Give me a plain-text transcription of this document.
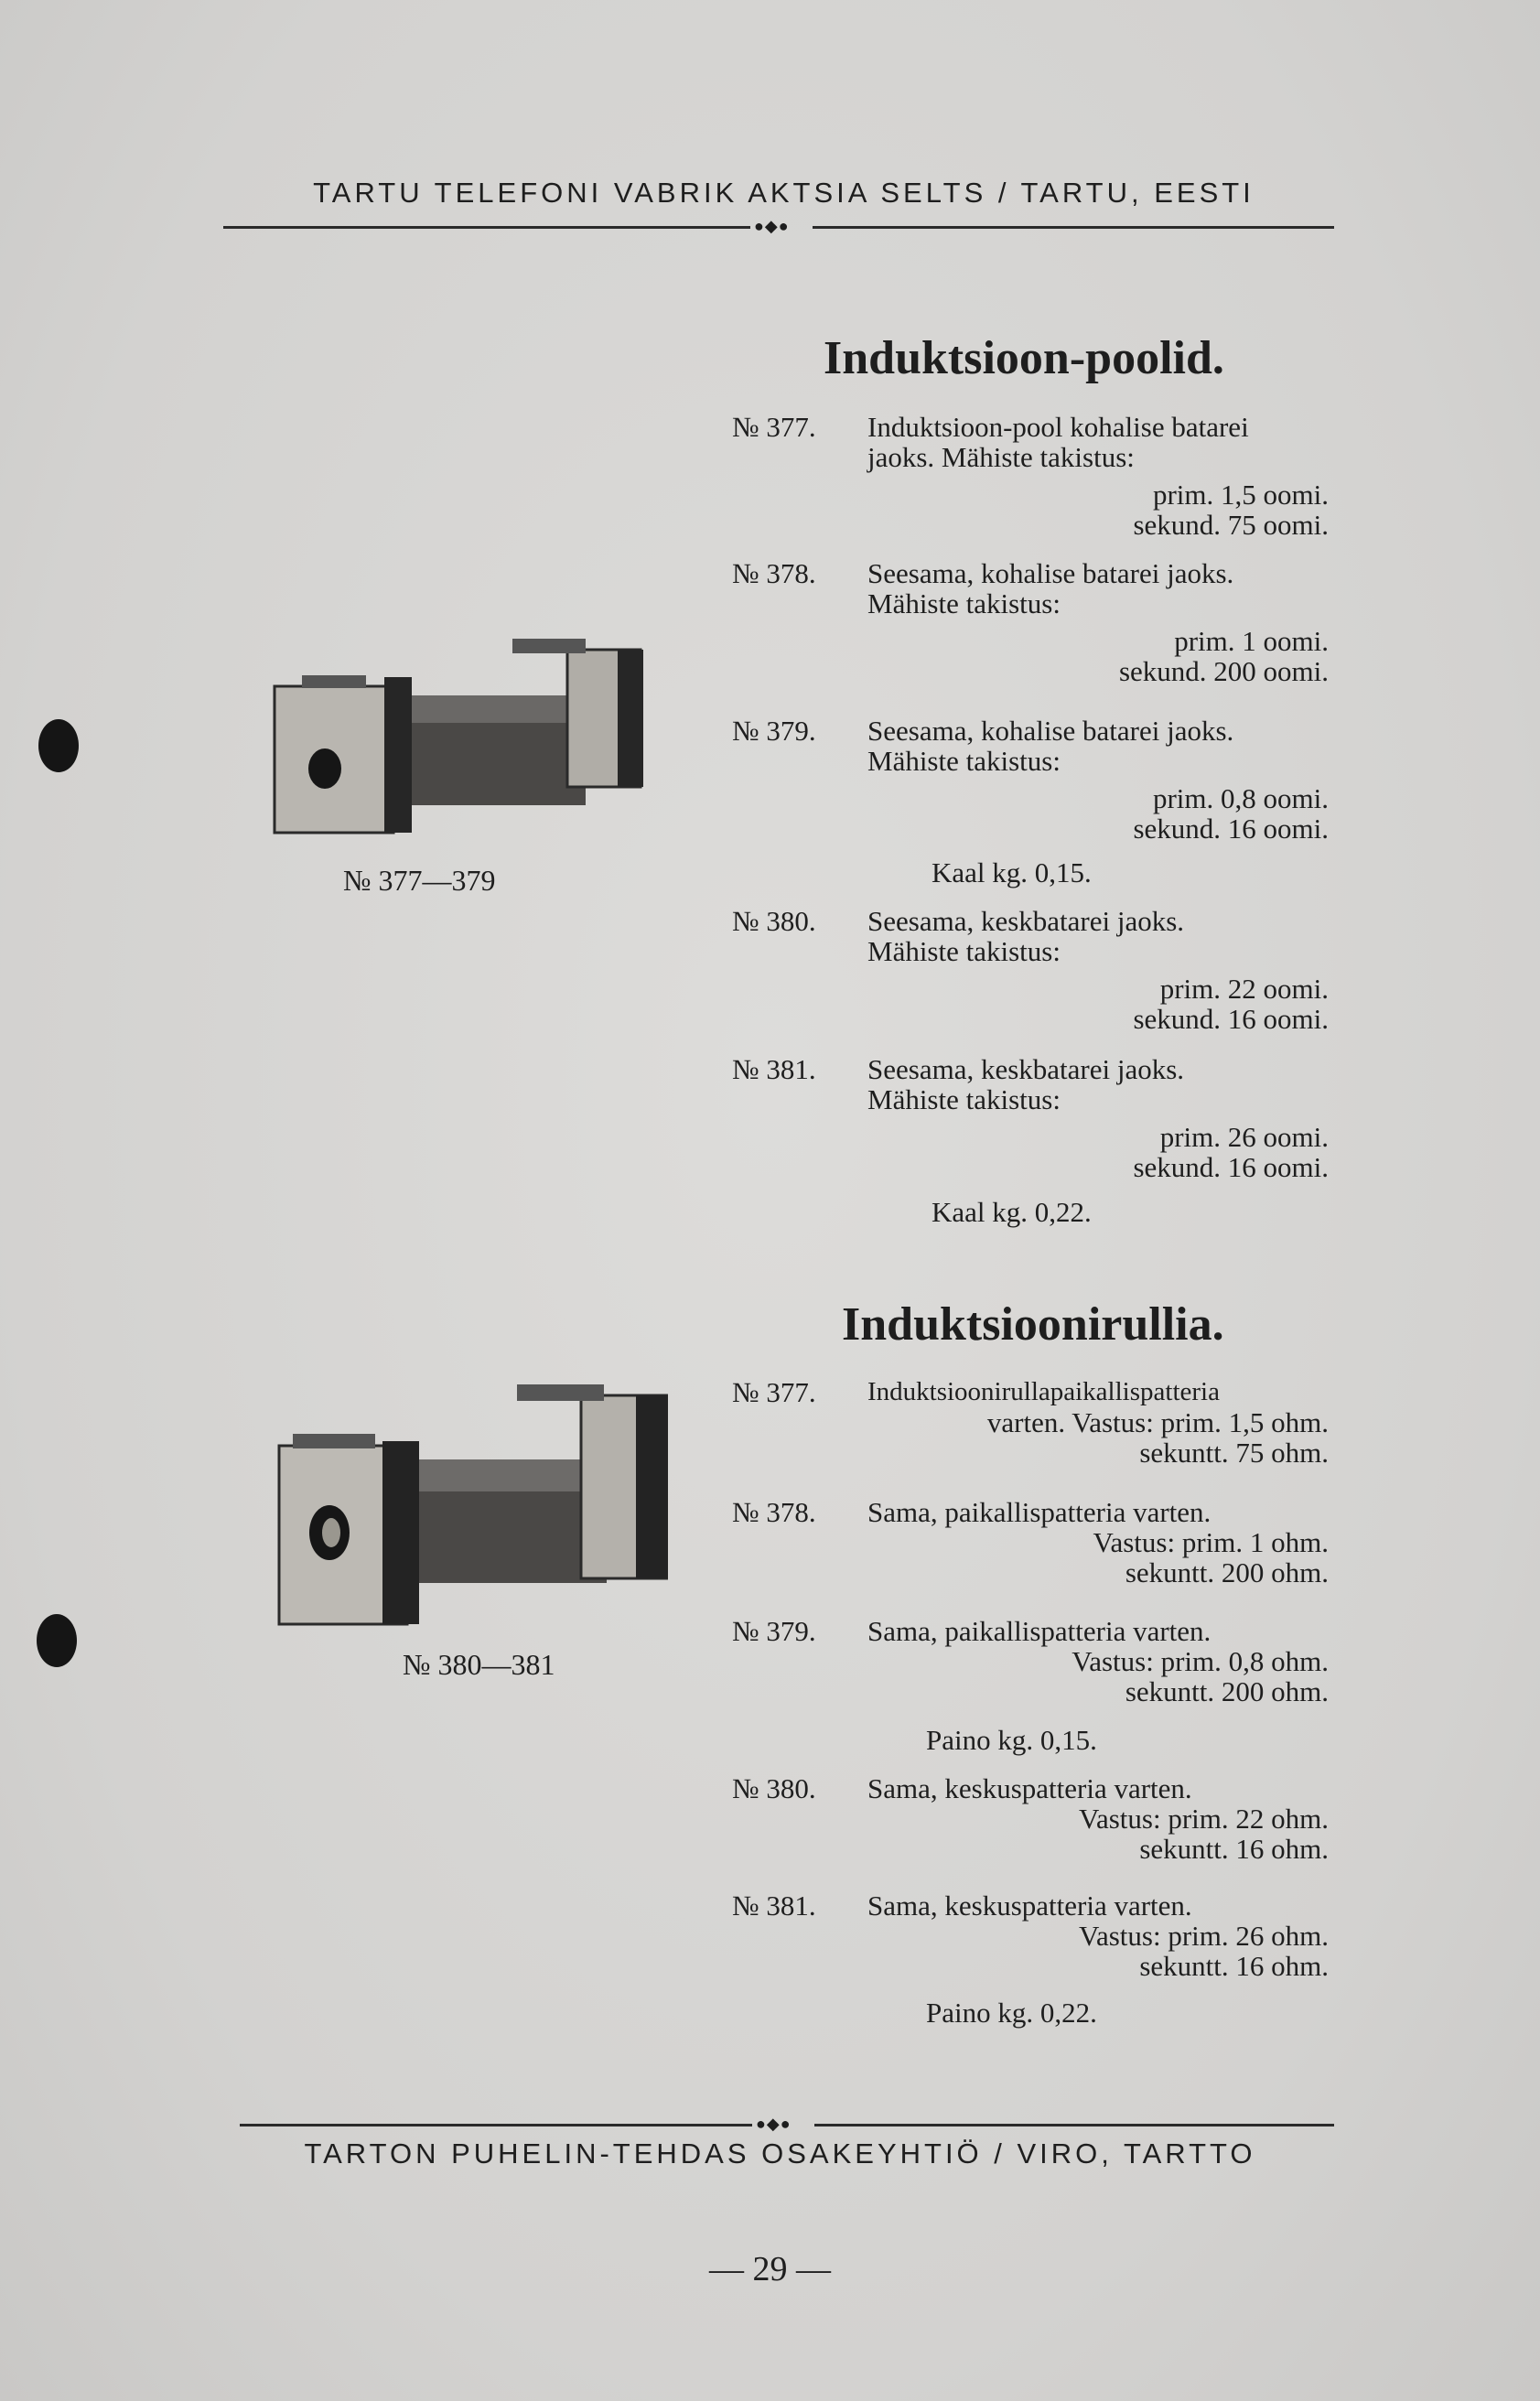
TARTU TELEFONI VABRIK AKTSIA SELTS / TARTU, EESTI
●◆●
№ 377—379
№ 380—381
Induktsioon-poolid.
№ 377. Induktsioon-pool kohalise batarei
jaoks. Mähiste takistus:
prim. 1,5 oomi.
sekund. 75 oomi.
№ 378. Seesama, kohalise batarei jaoks.
Mähiste takistus:
prim. 1 oomi.
sekund. 200 oomi.
№ 379. Seesama, kohalise batarei jaoks.
Mähiste takistus:
prim. 0,8 oomi.
sekund. 16 oomi.
Kaal kg. 0,15.
№ 380. Seesama, keskbatarei jaoks.
Mähiste takistus:
prim. 22 oomi.
sekund. 16 oomi.
№ 381. Seesama, keskbatarei jaoks.
Mähiste takistus:
prim. 26 oomi.
sekund. 16 oomi.
Kaal kg. 0,22.
Induktsioonirullia.
№ 377. Induktsioonirullapaikallispatteria
varten. Vastus: prim. 1,5 ohm.
sekuntt. 75 ohm.
№ 378. Sama, paikallispatteria varten.
Vastus: prim. 1 ohm.
sekuntt. 200 ohm.
№ 379. Sama, paikallispatteria varten.
Vastus: prim. 0,8 ohm.
sekuntt. 200 ohm.
Paino kg. 0,15.
№ 380. Sama, keskuspatteria varten.
Vastus: prim. 22 ohm.
sekuntt. 16 ohm.
№ 381. Sama, keskuspatteria varten.
Vastus: prim. 26 ohm.
sekuntt. 16 ohm.
Paino kg. 0,22.
●◆●
TARTON PUHELIN-TEHDAS OSAKEYHTIÖ / VIRO, TARTTO
— 29 —
